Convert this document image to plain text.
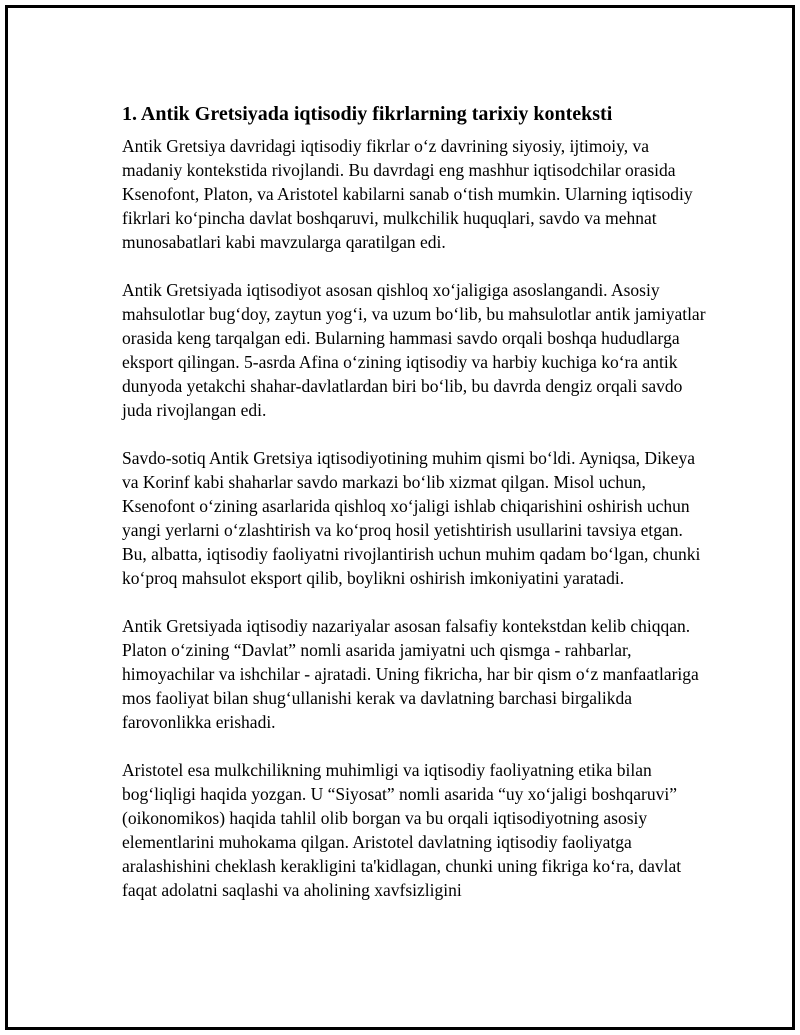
1. Antik Gretsiyada iqtisodiy fikrlarning tarixiy konteksti

Antik Gretsiya davridagi iqtisodiy fikrlar o‘z davrining siyosiy, ijtimoiy, va madaniy kontekstida rivojlandi. Bu davrdagi eng mashhur iqtisodchilar orasida Ksenofont, Platon, va Aristotel kabilarni sanab o‘tish mumkin. Ularning iqtisodiy fikrlari ko‘pincha davlat boshqaruvi, mulkchilik huquqlari, savdo va mehnat munosabatlari kabi mavzularga qaratilgan edi.

Antik Gretsiyada iqtisodiyot asosan qishloq xo‘jaligiga asoslangandi. Asosiy mahsulotlar bug‘doy, zaytun yog‘i, va uzum bo‘lib, bu mahsulotlar antik jamiyatlar orasida keng tarqalgan edi. Bularning hammasi savdo orqali boshqa hududlarga eksport qilingan. 5-asrda Afina o‘zining iqtisodiy va harbiy kuchiga ko‘ra antik dunyoda yetakchi shahar-davlatlardan biri bo‘lib, bu davrda dengiz orqali savdo juda rivojlangan edi.

Savdo-sotiq Antik Gretsiya iqtisodiyotining muhim qismi bo‘ldi. Ayniqsa, Dikeya va Korinf kabi shaharlar savdo markazi bo‘lib xizmat qilgan. Misol uchun, Ksenofont o‘zining asarlarida qishloq xo‘jaligi ishlab chiqarishini oshirish uchun yangi yerlarni o‘zlashtirish va ko‘proq hosil yetishtirish usullarini tavsiya etgan. Bu, albatta, iqtisodiy faoliyatni rivojlantirish uchun muhim qadam bo‘lgan, chunki ko‘proq mahsulot eksport qilib, boylikni oshirish imkoniyatini yaratadi.

Antik Gretsiyada iqtisodiy nazariyalar asosan falsafiy kontekstdan kelib chiqqan. Platon o‘zining “Davlat” nomli asarida jamiyatni uch qismga - rahbarlar, himoyachilar va ishchilar - ajratadi. Uning fikricha, har bir qism o‘z manfaatlariga mos faoliyat bilan shug‘ullanishi kerak va davlatning barchasi birgalikda farovonlikka erishadi.

Aristotel esa mulkchilikning muhimligi va iqtisodiy faoliyatning etika bilan bog‘liqligi haqida yozgan. U “Siyosat” nomli asarida “uy xo‘jaligi boshqaruvi” (oikonomikos) haqida tahlil olib borgan va bu orqali iqtisodiyotning asosiy elementlarini muhokama qilgan. Aristotel davlatning iqtisodiy faoliyatga aralashishini cheklash kerakligini ta'kidlagan, chunki uning fikriga ko‘ra, davlat faqat adolatni saqlashi va aholining xavfsizligini
